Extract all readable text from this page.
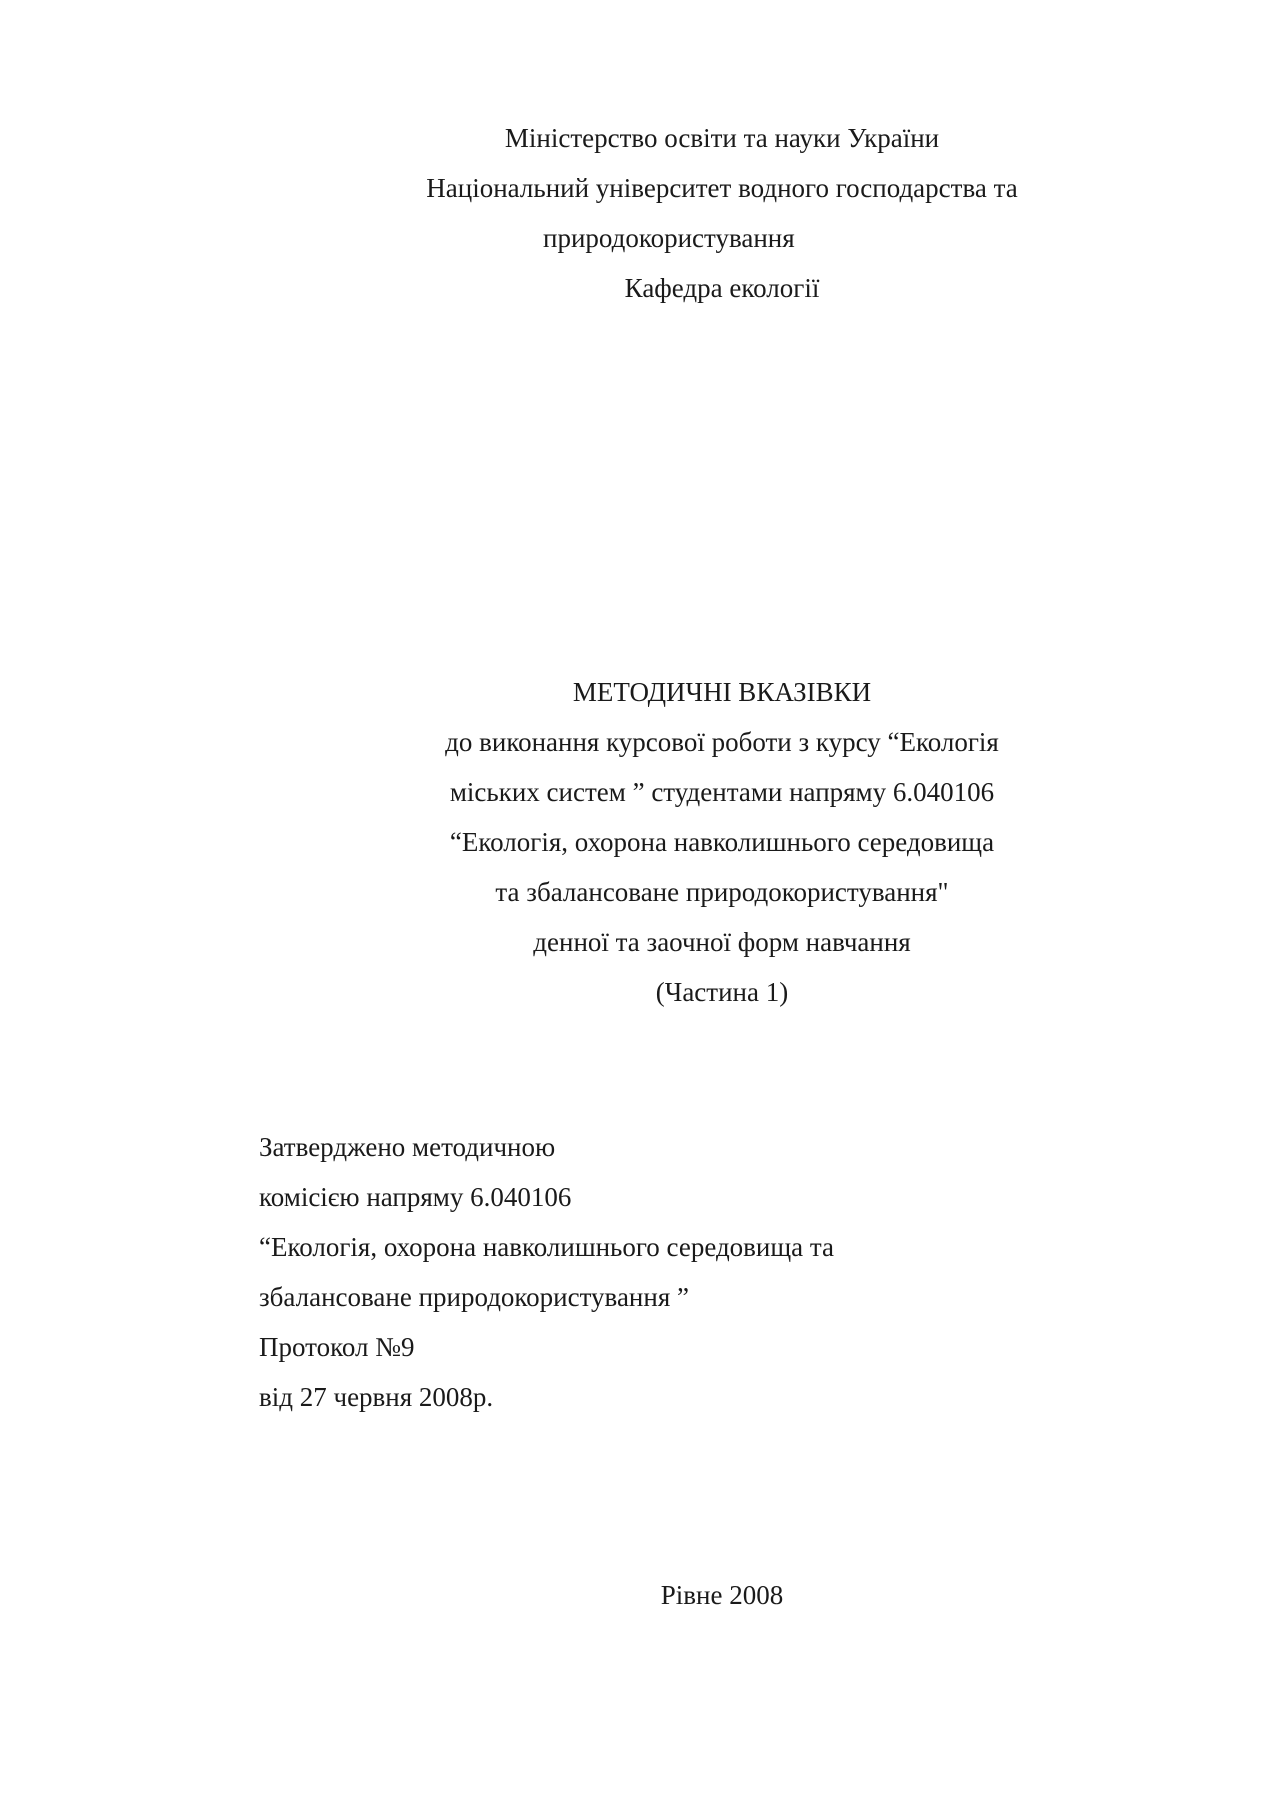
Міністерство освіти та науки України

Національний університет водного господарства та

природокористування

Кафедра екології

МЕТОДИЧНІ ВКАЗІВКИ

до виконання курсової роботи з курсу “Екологія

міських систем ” студентами напряму 6.040106

“Екологія, охорона навколишнього середовища

та збалансоване природокористування"

денної та заочної форм навчання

(Частина 1)

Затверджено методичною

комісією напряму 6.040106

“Екологія, охорона навколишнього середовища та

збалансоване природокористування ”

Протокол №9

від 27 червня 2008р.

Рівне 2008
